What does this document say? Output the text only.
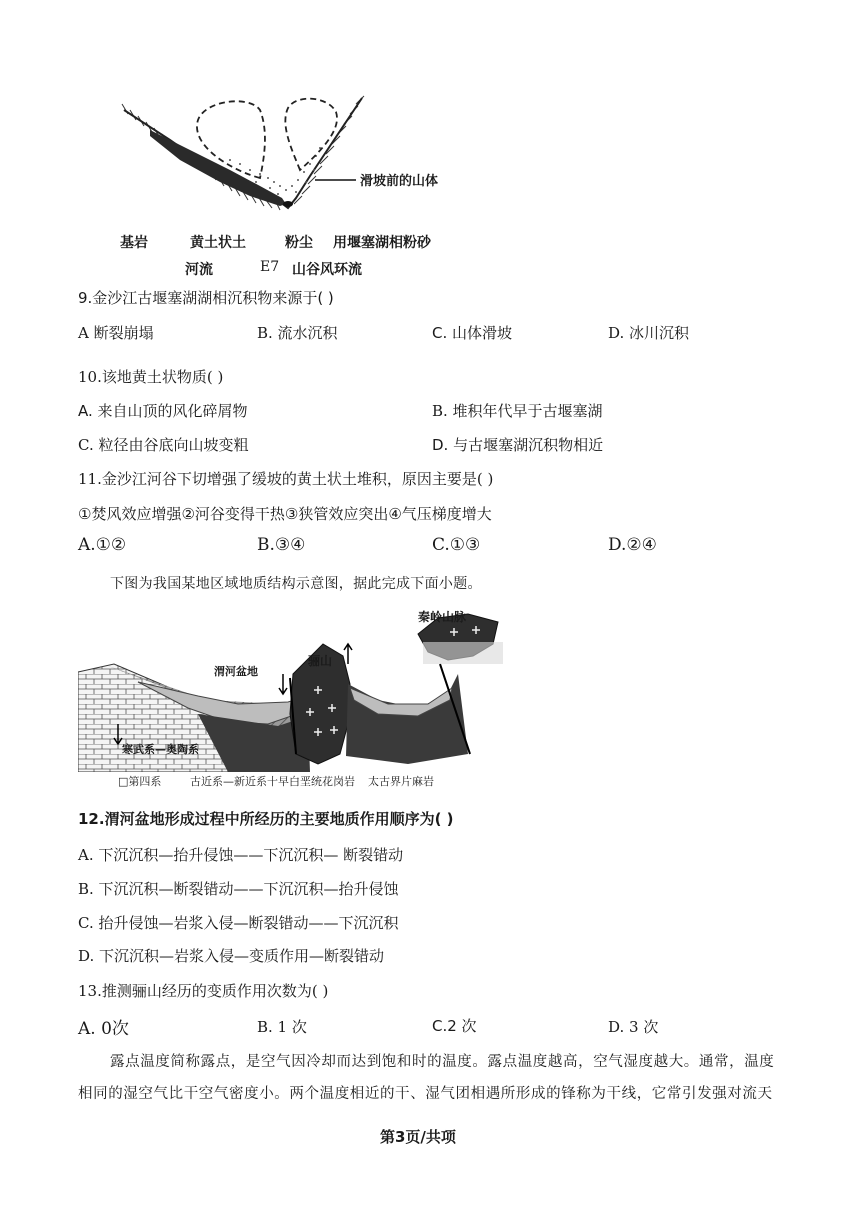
滑坡前的山体
基岩	黄土状土	粉尘 用堰塞湖相粉砂
河流	E7 山谷风环流
9.金沙江古堰塞湖湖相沉积物来源于( )
A 断裂崩塌	B. 流水沉积	C. 山体滑坡	D. 冰川沉积
10.该地黄土状物质( )
A. 来自山顶的风化碎屑物	B. 堆积年代早于古堰塞湖
C. 粒径由谷底向山坡变粗	D. 与古堰塞湖沉积物相近
11.金沙江河谷下切增强了缓坡的黄土状土堆积，原因主要是( )
①焚风效应增强②河谷变得干热③狭管效应突出④气压梯度增大
A.①②	B.③④	C.①③	D.②④
下图为我国某地区域地质结构示意图，据此完成下面小题。
秦岭山脉
骊山
渭河盆地
寒武系—奥陶系
□第四系	古近系—新近系十早白垩统花岗岩 太古界片麻岩
12.渭河盆地形成过程中所经历的主要地质作用顺序为( )
A. 下沉沉积—抬升侵蚀——下沉沉积— 断裂错动
B. 下沉沉积—断裂错动——下沉沉积—抬升侵蚀
C. 抬升侵蚀—岩浆入侵—断裂错动——下沉沉积
D. 下沉沉积—岩浆入侵—变质作用—断裂错动
13.推测骊山经历的变质作用次数为( )
A. 0次	B. 1 次	C.2 次	D. 3 次
露点温度简称露点，是空气因冷却而达到饱和时的温度。露点温度越高，空气湿度越大。通常，温度
相同的湿空气比干空气密度小。两个温度相近的干、湿气团相遇所形成的锋称为干线，它常引发强对流天
第3页/共项
